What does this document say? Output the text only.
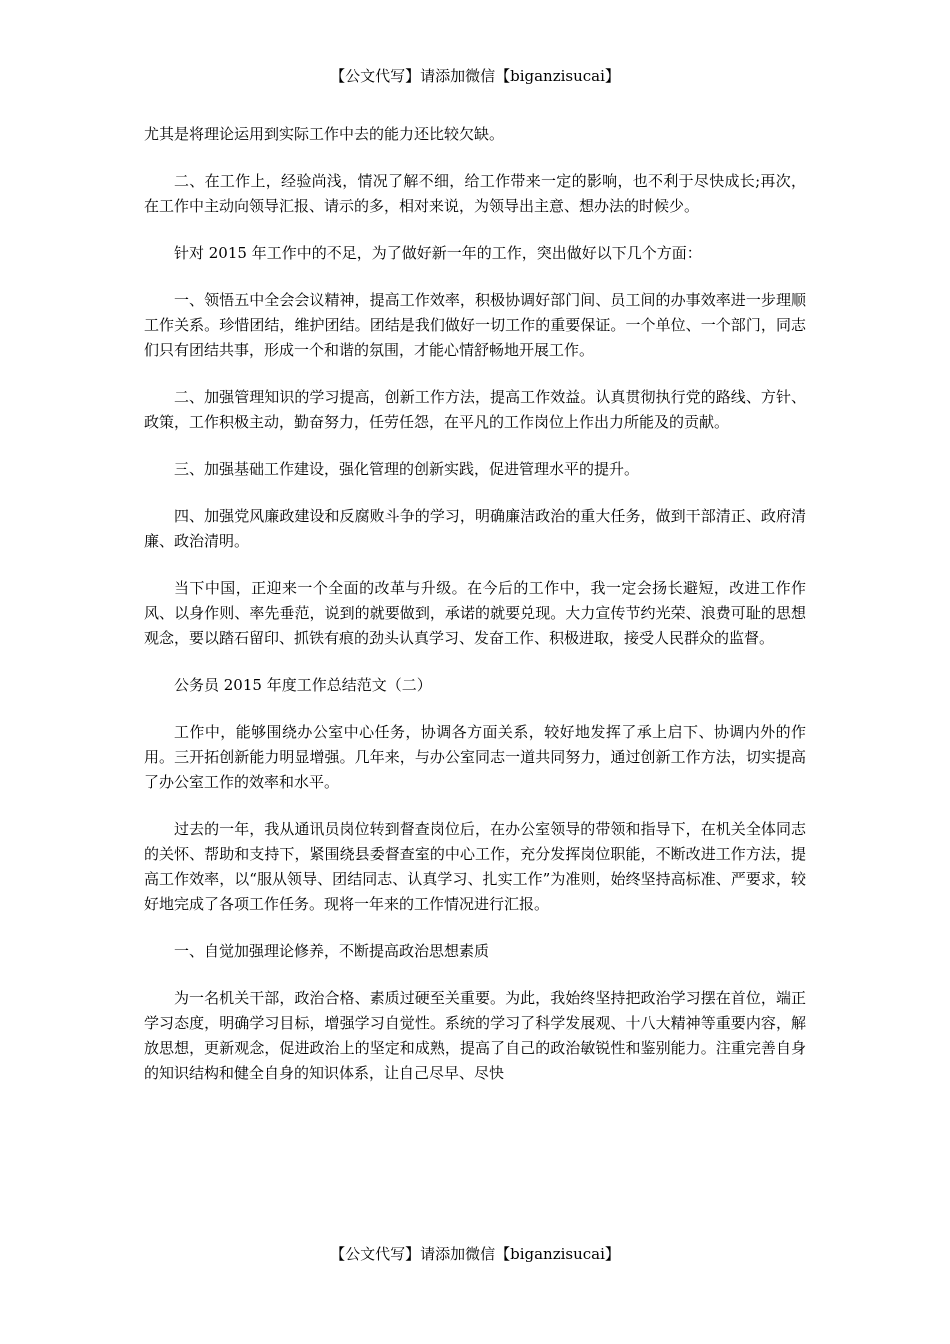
【公文代写】请添加微信【biganzisucai】

尤其是将理论运用到实际工作中去的能力还比较欠缺。

二、在工作上，经验尚浅，情况了解不细，给工作带来一定的影响，也不利于尽快成长;再次，在工作中主动向领导汇报、请示的多，相对来说，为领导出主意、想办法的时候少。

针对 2015 年工作中的不足，为了做好新一年的工作，突出做好以下几个方面：

一、领悟五中全会会议精神，提高工作效率，积极协调好部门间、员工间的办事效率进一步理顺工作关系。珍惜团结，维护团结。团结是我们做好一切工作的重要保证。一个单位、一个部门，同志们只有团结共事，形成一个和谐的氛围，才能心情舒畅地开展工作。

二、加强管理知识的学习提高，创新工作方法，提高工作效益。认真贯彻执行党的路线、方针、政策，工作积极主动，勤奋努力，任劳任怨，在平凡的工作岗位上作出力所能及的贡献。

三、加强基础工作建设，强化管理的创新实践，促进管理水平的提升。

四、加强党风廉政建设和反腐败斗争的学习，明确廉洁政治的重大任务，做到干部清正、政府清廉、政治清明。

当下中国，正迎来一个全面的改革与升级。在今后的工作中，我一定会扬长避短，改进工作作风、以身作则、率先垂范，说到的就要做到，承诺的就要兑现。大力宣传节约光荣、浪费可耻的思想观念，要以踏石留印、抓铁有痕的劲头认真学习、发奋工作、积极进取，接受人民群众的监督。

公务员 2015 年度工作总结范文（二）

工作中，能够围绕办公室中心任务，协调各方面关系，较好地发挥了承上启下、协调内外的作用。三开拓创新能力明显增强。几年来，与办公室同志一道共同努力，通过创新工作方法，切实提高了办公室工作的效率和水平。

过去的一年，我从通讯员岗位转到督查岗位后，在办公室领导的带领和指导下，在机关全体同志的关怀、帮助和支持下，紧围绕县委督查室的中心工作，充分发挥岗位职能，不断改进工作方法，提高工作效率，以“服从领导、团结同志、认真学习、扎实工作”为准则，始终坚持高标准、严要求，较好地完成了各项工作任务。现将一年来的工作情况进行汇报。

一、自觉加强理论修养，不断提高政治思想素质

为一名机关干部，政治合格、素质过硬至关重要。为此，我始终坚持把政治学习摆在首位，端正学习态度，明确学习目标，增强学习自觉性。系统的学习了科学发展观、十八大精神等重要内容，解放思想，更新观念，促进政治上的坚定和成熟，提高了自己的政治敏锐性和鉴别能力。注重完善自身的知识结构和健全自身的知识体系，让自己尽早、尽快

【公文代写】请添加微信【biganzisucai】
